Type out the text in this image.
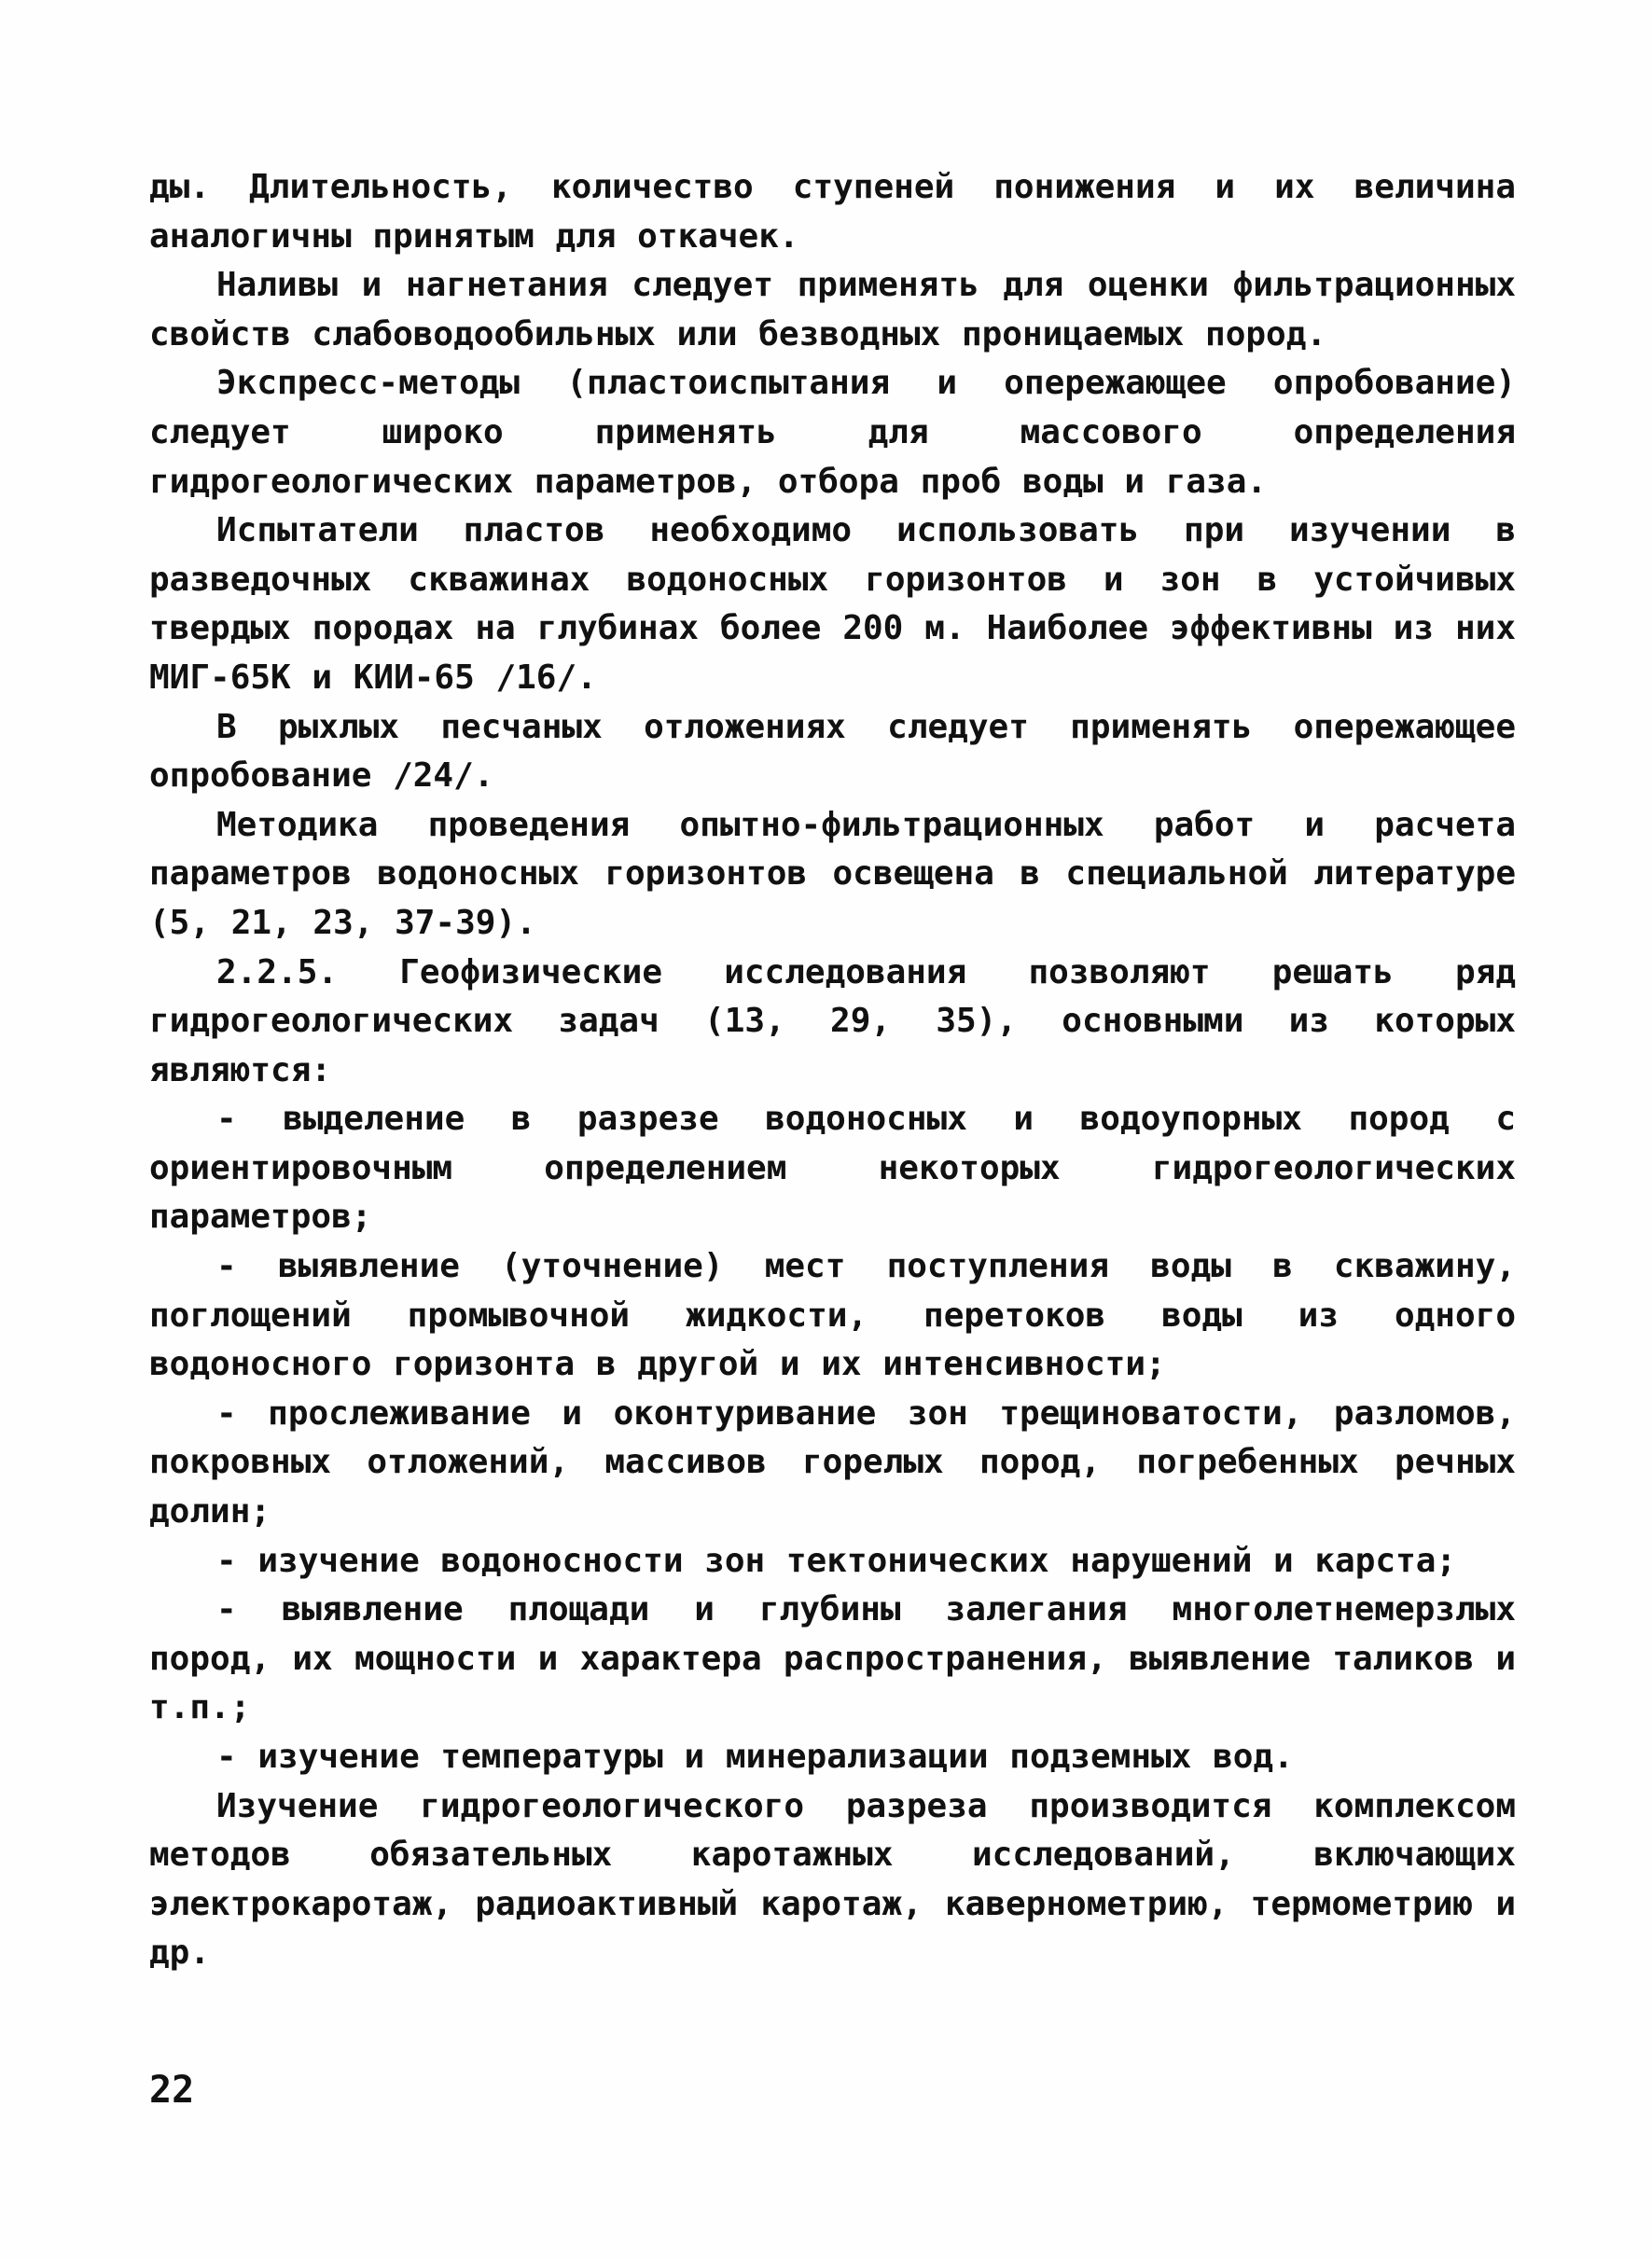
ды. Длительность, количество ступеней понижения и их величина аналогичны принятым для откачек.

Наливы и нагнетания следует применять для оценки фильтрационных свойств слабоводообильных или безводных проницаемых пород.

Экспресс-методы (пластоиспытания и опережающее опробование) следует широко применять для массового определения гидрогеологических параметров, отбора проб воды и газа.

Испытатели пластов необходимо использовать при изучении в разведочных скважинах водоносных горизонтов и зон в устойчивых твердых породах на глубинах более 200 м. Наиболее эффективны из них МИГ-65К и КИИ-65 /16/.

В рыхлых песчаных отложениях следует применять опережающее опробование /24/.

Методика проведения опытно-фильтрационных работ и расчета параметров водоносных горизонтов освещена в специальной литературе (5, 21, 23, 37-39).

2.2.5. Геофизические исследования позволяют решать ряд гидрогеологических задач (13, 29, 35), основными из которых являются:

- выделение в разрезе водоносных и водоупорных пород с ориентировочным определением некоторых гидрогеологических параметров;

- выявление (уточнение) мест поступления воды в скважину, поглощений промывочной жидкости, перетоков воды из одного водоносного горизонта в другой и их интенсивности;

- прослеживание и оконтуривание зон трещиноватости, разломов, покровных отложений, массивов горелых пород, погребенных речных долин;

- изучение водоносности зон тектонических нарушений и карста;

- выявление площади и глубины залегания многолетнемерзлых пород, их мощности и характера распространения, выявление таликов и т.п.;

- изучение температуры и минерализации подземных вод.

Изучение гидрогеологического разреза производится комплексом методов обязательных каротажных исследований, включающих электрокаротаж, радиоактивный каротаж, кавернометрию, термометрию и др.

22
